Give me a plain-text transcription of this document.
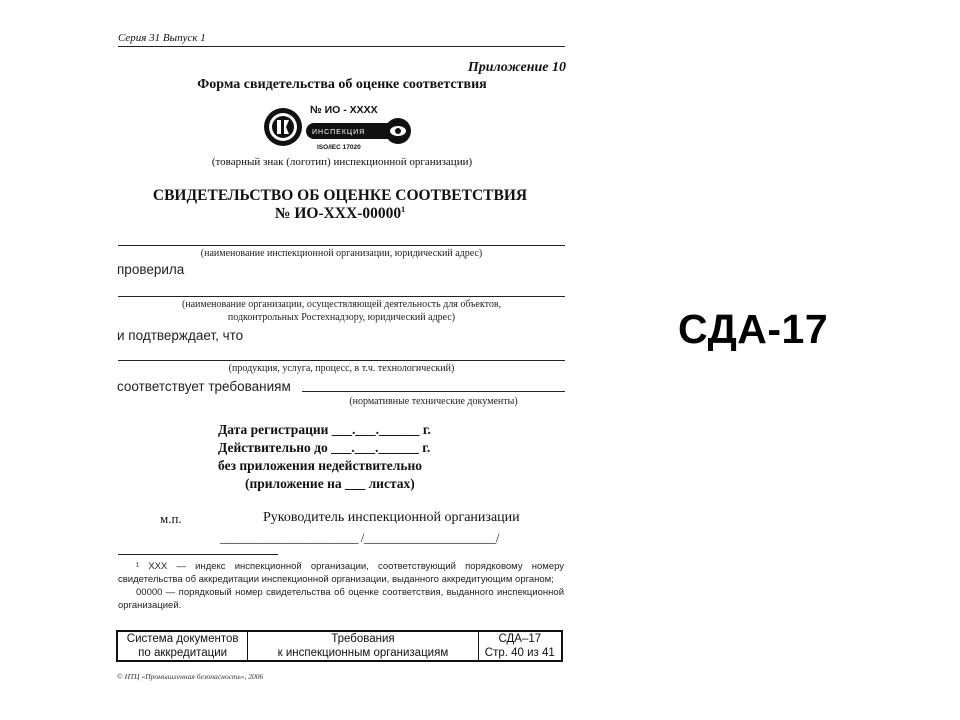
Серия 31 Выпуск 1
Приложение 10
Форма свидетельства об оценке соответствия
№ ИО - XXXX
ИНСПЕКЦИЯ
ISO/IEC 17020
(товарный знак (логотип) инспекционной организации)
СВИДЕТЕЛЬСТВО ОБ ОЦЕНКЕ СООТВЕТСТВИЯ
№ ИО-XXX-00000$^1$
(наименование инспекционной организации, юридический адрес)
проверила
(наименование организации, осуществляющей деятельность для объектов,
подконтрольных Ростехнадзору, юридический адрес)
и подтверждает, что
(продукция, услуга, процесс, в т.ч. технологический)
соответствует требованиям
(нормативные технические документы)
Дата регистрации ___.___.______ г.
Действительно до ___.___.______ г.
без приложения недействительно
(приложение на ___ листах)
м.п.	Руководитель инспекционной организации
_______________________ /______________________/

¹ XXX — индекс инспекционной организации, соответствующий порядковому номеру свидетельства об аккредитации инспекционной организации, выданного аккредитующим органом;

00000 — порядковый номер свидетельства об оценке соответствия, выданного инспекционной организацией.

Система документов
по аккредитации

Требования
к инспекционным организациям

СДА–17
Стр. 40 из 41
© НТЦ «Промышленная безопасность», 2006
СДА-17
